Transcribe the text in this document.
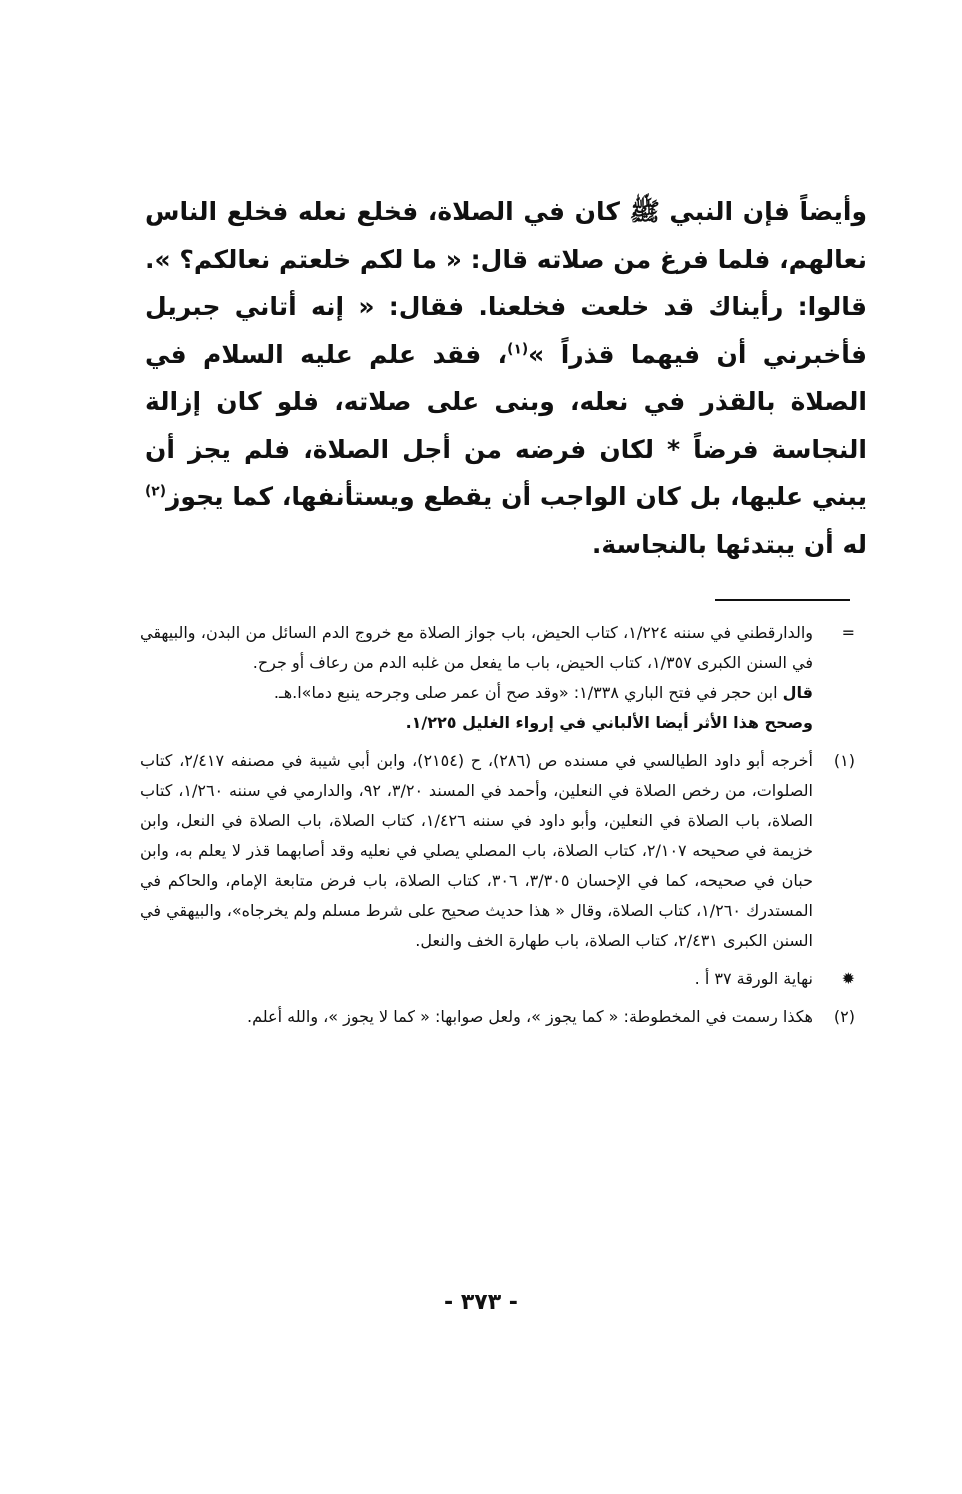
وأيضاً فإن النبي ﷺ كان في الصلاة، فخلع نعله فخلع الناس نعالهم، فلما فرغ من صلاته قال: « ما لكم خلعتم نعالكم؟ ». قالوا: رأيناك قد خلعت فخلعنا. فقال: « إنه أتاني جبريل فأخبرني أن فيهما قذراً »$^{(١)}$، فقد علم عليه السلام في الصلاة بالقذر في نعله، وبنى على صلاته، فلو كان إزالة النجاسة فرضاً * لكان فرضه من أجل الصلاة، فلم يجز أن يبني عليها، بل كان الواجب أن يقطع ويستأنفها، كما يجوز$^{(٢)}$ له أن يبتدئها بالنجاسة.

=

والدارقطني في سننه ١/٢٢٤، كتاب الحيض، باب جواز الصلاة مع خروج الدم السائل من البدن، والبيهقي في السنن الكبرى ١/٣٥٧، كتاب الحيض، باب ما يفعل من غلبه الدم من رعاف أو جرح.

قال ابن حجر في فتح الباري ١/٣٣٨: «وقد صح أن عمر صلى وجرحه ينبع دما»ا.هـ.

وصحح هذا الأثر أيضا الألباني في إرواء الغليل ١/٢٢٥.

(١)

أخرجه أبو داود الطيالسي في مسنده ص (٢٨٦)، ح (٢١٥٤)، وابن أبي شيبة في مصنفه ٢/٤١٧، كتاب الصلوات، من رخص الصلاة في النعلين، وأحمد في المسند ٣/٢٠، ٩٢، والدارمي في سننه ١/٢٦٠، كتاب الصلاة، باب الصلاة في النعلين، وأبو داود في سننه ١/٤٢٦، كتاب الصلاة، باب الصلاة في النعل، وابن خزيمة في صحيحه ٢/١٠٧، كتاب الصلاة، باب المصلي يصلي في نعليه وقد أصابهما قذر لا يعلم به، وابن حبان في صحيحه، كما في الإحسان ٣/٣٠٥، ٣٠٦، كتاب الصلاة، باب فرض متابعة الإمام، والحاكم في المستدرك ١/٢٦٠، كتاب الصلاة، وقال « هذا حديث صحيح على شرط مسلم ولم يخرجاه»، والبيهقي في السنن الكبرى ٢/٤٣١، كتاب الصلاة، باب طهارة الخف والنعل.

✹

نهاية الورقة ٣٧ أ .

(٢)

هكذا رسمت في المخطوطة: « كما يجوز »، ولعل صوابها: « كما لا يجوز »، والله أعلم.

- ٣٧٣ -
